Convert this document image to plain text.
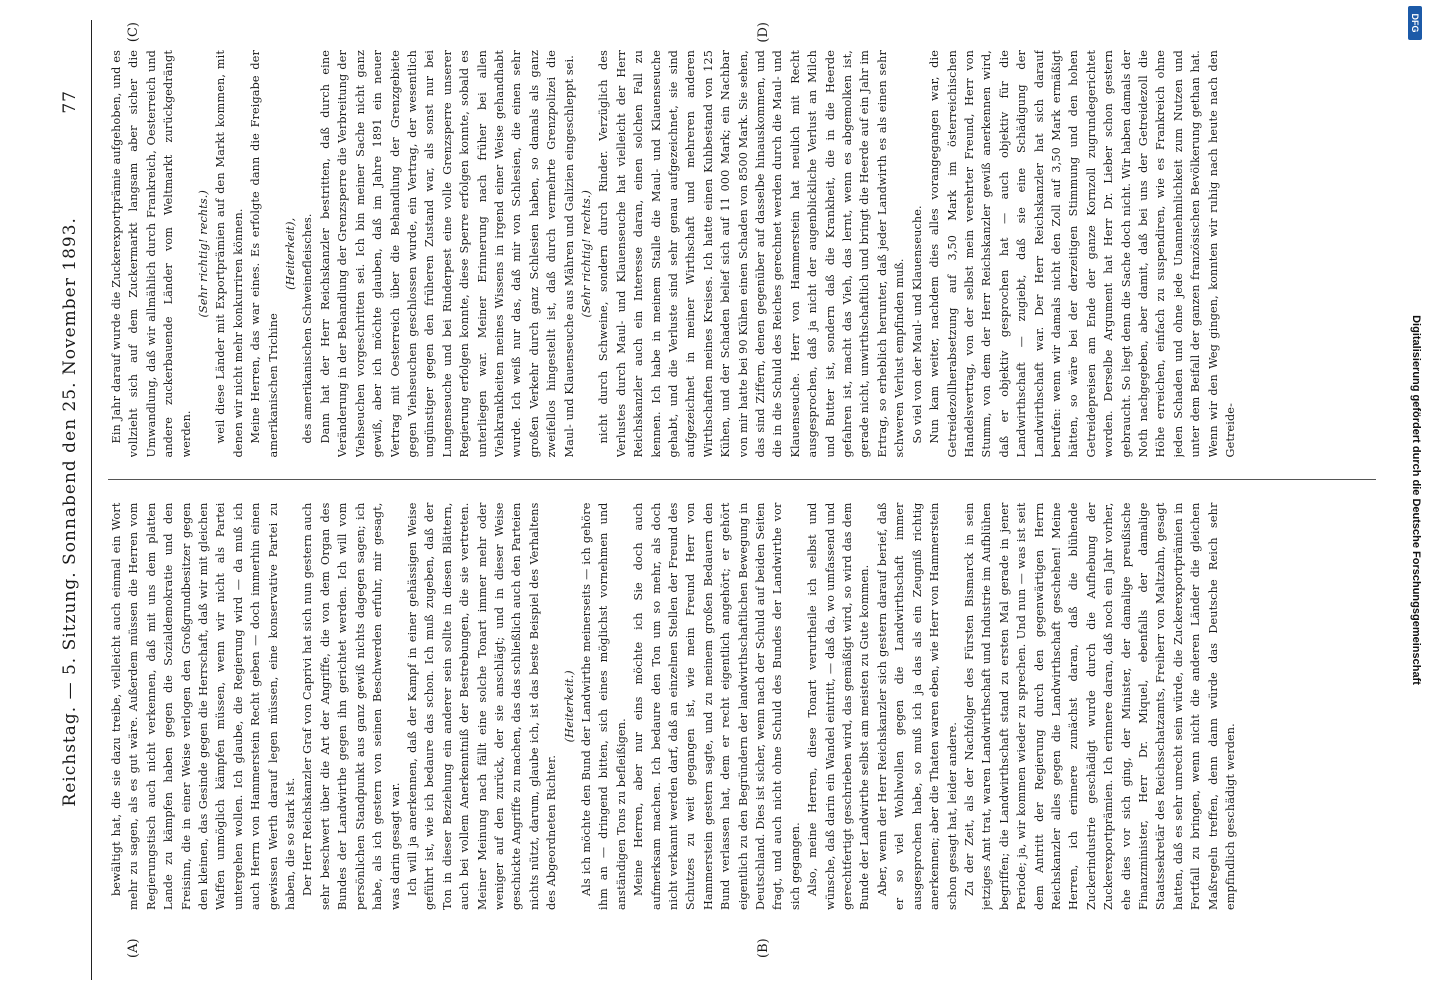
Reichstag. — 5. Sitzung. Sonnabend den 25. November 1893.
77
(A)	(B)
(C)	(D)

bewältigt hat, die sie dazu treibe, vielleicht auch einmal ein Wort mehr zu sagen, als es gut wäre. Außerdem müssen die Herren vom Regierungstisch auch nicht verkennen, daß mit uns dem platten Lande zu kämpfen haben gegen die Sozialdemokratie und den Freisinn, die in einer Weise verlogen den Großgrundbesitzer gegen den kleinen, das Gesinde gegen die Herrschaft, daß wir mit gleichen Waffen unmöglich kämpfen müssen, wenn wir nicht als Partei untergehen wollen. Ich glaube, die Regierung wird — da muß ich auch Herrn von Hammerstein Recht geben — doch immerhin einen gewissen Werth darauf legen müssen, eine konservative Partei zu haben, die so stark ist. Der Herr Reichskanzler Graf von Caprivi hat sich nun gestern auch sehr beschwert über die Art der Angriffe, die von dem Organ des Bundes der Landwirthe gegen ihn gerichtet werden. Ich will vom persönlichen Standpunkt aus ganz gewiß nichts dagegen sagen; ich habe, als ich gestern von seinen Beschwerden erfuhr, mir gesagt, was darin gesagt war. Ich will ja anerkennen, daß der Kampf in einer gehässigen Weise geführt ist, wie ich bedaure das schon. Ich muß zugeben, daß der Ton in dieser Beziehung ein anderer sein sollte in diesen Blättern, auch bei vollem Anerkenntniß der Bestrebungen, die sie vertreten. Meiner Meinung nach fällt eine solche Tonart immer mehr oder weniger auf den zurück, der sie anschlägt; und in dieser Weise geschickte Angriffe zu machen, das das schließlich auch den Parteien nichts nützt, darum, glaube ich, ist das beste Beispiel des Verhaltens des Abgeordneten Richter.

(Heiterkeit.) Als ich möchte den Bund der Landwirthe meinerseits — ich gehöre ihm an — dringend bitten, sich eines möglichst vornehmen und anständigen Tons zu befleißigen. Meine Herren, aber nur eins möchte ich Sie doch auch aufmerksam machen. Ich bedaure den Ton um so mehr, als doch nicht verkannt werden darf, daß an einzelnen Stellen der Freund des Schutzes zu weit gegangen ist, wie mein Freund Herr von Hammerstein gestern sagte, und zu meinem großen Bedauern den Bund verlassen hat, dem er recht eigentlich angehört; er gehört eigentlich zu den Begründern der landwirthschaftlichen Bewegung in Deutschland. Dies ist sicher, wenn nach der Schuld auf beiden Seiten fragt, und auch nicht ohne Schuld des Bundes der Landwirthe vor sich gegangen. Also, meine Herren, diese Tonart verurtheile ich selbst und wünsche, daß darin ein Wandel eintritt, — daß da, wo umfassend und gerechtfertigt geschrieben wird, das gemäßigt wird, so wird das dem Bunde der Landwirthe selbst am meisten zu Gute kommen. Aber, wenn der Herr Reichskanzler sich gestern darauf berief, daß er so viel Wohlwollen gegen die Landwirthschaft immer ausgesprochen habe, so muß ich ja das als ein Zeugniß richtig anerkennen; aber die Thaten waren eben, wie Herr von Hammerstein schon gesagt hat, leider andere. Zu der Zeit, als der Nachfolger des Fürsten Bismarck in sein jetziges Amt trat, waren Landwirthschaft und Industrie im Aufblühen begriffen; die Landwirthschaft stand zu ersten Mal gerade in jener Periode; ja, wir kommen wieder zu sprechen. Und nun — was ist seit dem Antritt der Regierung durch den gegenwärtigen Herrn Reichskanzler alles gegen die Landwirthschaft geschehen! Meine Herren, ich erinnere zunächst daran, daß die blühende Zuckerindustrie geschädigt wurde durch die Aufhebung der Zuckerexportprämien. Ich erinnere daran, daß noch ein Jahr vorher, ehe dies vor sich ging, der Minister, der damalige preußische Finanzminister, Herr Dr. Miquel, ebenfalls der damalige Staatssekretär des Reichsschatzamts, Freiherr von Maltzahn, gesagt hatten, daß es sehr unrecht sein würde, die Zuckerexportprämien in Fortfall zu bringen, wenn nicht die anderen Länder die gleichen Maßregeln treffen, denn dann würde das Deutsche Reich sehr empfindlich geschädigt werden.

Ein Jahr darauf wurde die Zuckerexportprämie aufgehoben, und es vollzieht sich auf dem Zuckermarkt langsam aber sicher die Umwandlung, daß wir allmählich durch Frankreich, Oesterreich und andere zuckerbauende Länder vom Weltmarkt zurückgedrängt werden.

(Sehr richtig! rechts.) weil diese Länder mit Exportprämien auf den Markt kommen, mit denen wir nicht mehr konkurriren können. Meine Herren, das war eines. Es erfolgte dann die Freigabe der amerikanischen Trichine

(Heiterkeit), des amerikanischen Schweinefleisches. Dann hat der Herr Reichskanzler bestritten, daß durch eine Veränderung in der Behandlung der Grenzsperre die Verbreitung der Viehseuchen vorgeschritten sei. Ich bin meiner Sache nicht ganz gewiß, aber ich möchte glauben, daß im Jahre 1891 ein neuer Vertrag mit Oesterreich über die Behandlung der Grenzgebiete gegen Viehseuchen geschlossen wurde, ein Vertrag, der wesentlich ungünstiger gegen den früheren Zustand war, als sonst nur bei Lungenseuche und bei Rinderpest eine volle Grenzsperre unserer Regierung erfolgen konnte, diese Sperre erfolgen konnte, sobald es unterliegen war. Meiner Erinnerung nach früher bei allen Viehkrankheiten meines Wissens in irgend einer Weise gehandhabt wurde. Ich weiß nur das, daß mir von Schlesien, die einen sehr großen Verkehr durch ganz Schlesien haben, so damals als ganz zweifellos hingestellt ist, daß durch vermehrte Grenzpolizei die Maul- und Klauenseuche aus Mähren und Galizien eingeschleppt sei. (Sehr richtig! rechts.) nicht durch Schweine, sondern durch Rinder. Verzüglich des Verlustes durch Maul- und Klauenseuche hat vielleicht der Herr Reichskanzler auch ein Interesse daran, einen solchen Fall zu kennen. Ich habe in meinem Stalle die Maul- und Klauenseuche gehabt, und die Verluste sind sehr genau aufgezeichnet, sie sind aufgezeichnet in meiner Wirthschaft und mehreren anderen Wirthschaften meines Kreises. Ich hatte einen Kuhbestand von 125 Kühen, und der Schaden belief sich auf 11 000 Mark; ein Nachbar von mir hatte bei 90 Kühen einen Schaden von 8500 Mark. Sie sehen, das sind Ziffern, denen gegenüber auf dasselbe hinauskommen, und die in die Schuld des Reiches gerechnet werden durch die Maul- und Klauenseuche. Herr von Hammerstein hat neulich mit Recht ausgesprochen, daß ja nicht der augenblickliche Verlust an Milch und Butter ist, sondern daß die Krankheit, die in die Heerde gefahren ist, macht das Vieh, das lernt, wenn es abgemolken ist, gerade nicht, unwirthschaftlich und bringt die Heerde auf ein Jahr im Ertrag, so erheblich herunter, daß jeder Landwirth es als einen sehr schweren Verlust empfinden muß. So viel von der Maul- und Klauenseuche. Nun kam weiter, nachdem dies alles vorangegangen war, die Getreidezollherabsetzung auf 3,50 Mark im österreichischen Handelsvertrag, von der selbst mein verehrter Freund, Herr von Stumm, von dem der Herr Reichskanzler gewiß anerkennen wird, daß er objektiv gesprochen hat — auch objektiv für die Landwirthschaft — zugiebt, daß sie eine Schädigung der Landwirthschaft war. Der Herr Reichskanzler hat sich darauf berufen: wenn wir damals nicht den Zoll auf 3,50 Mark ermäßigt hätten, so wäre bei der derzeitigen Stimmung und den hohen Getreidepreisen am Ende der ganze Kornzoll zugrundegerichtet worden. Derselbe Argument hat Herr Dr. Lieber schon gestern gebraucht. So liegt denn die Sache doch nicht. Wir haben damals der Noth nachgegeben, aber damit, daß bei uns der Getreidezoll die Höhe erreichen, einfach zu suspendiren, wie es Frankreich ohne jeden Schaden und ohne jede Unannehmlichkeit zum Nutzen und unter dem Beifall der ganzen französischen Bevölkerung gethan hat. Wenn wir den Weg gingen, konnten wir ruhig nach heute nach den Getreide-

DFG
Digitalisierung gefördert durch die Deutsche Forschungsgemeinschaft
